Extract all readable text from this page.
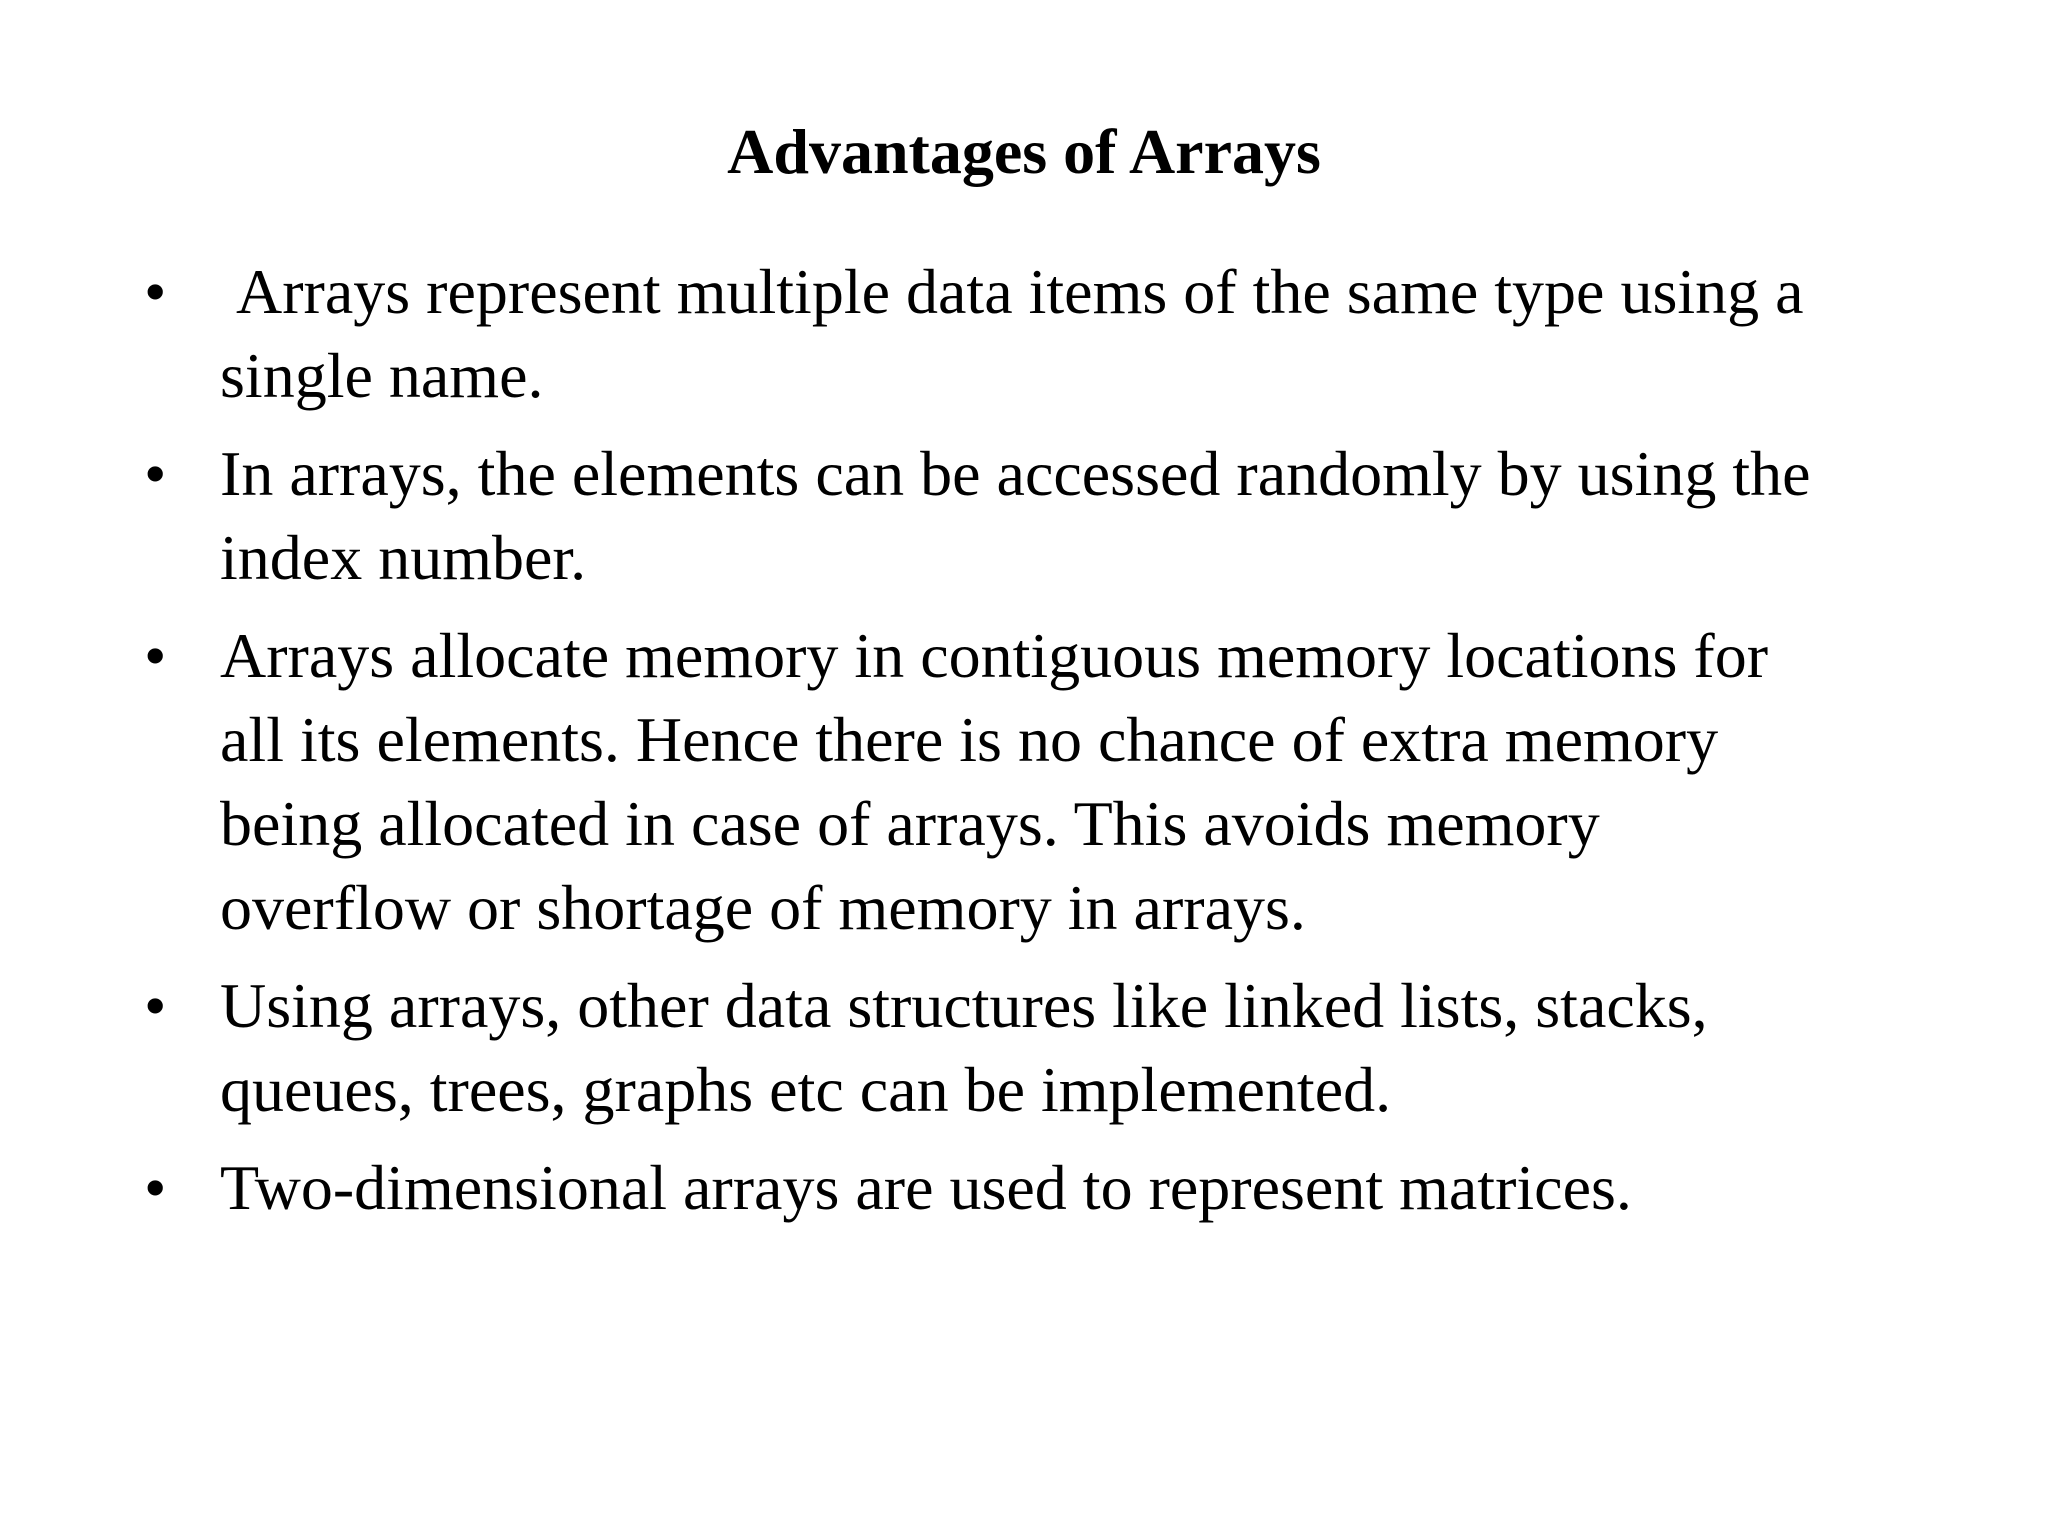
Advantages of Arrays
• Arrays represent multiple data items of the same type using a
single name.
• In arrays, the elements can be accessed randomly by using the
index number.
• Arrays allocate memory in contiguous memory locations for
all its elements. Hence there is no chance of extra memory
being allocated in case of arrays. This avoids memory
overflow or shortage of memory in arrays.
• Using arrays, other data structures like linked lists, stacks,
queues, trees, graphs etc can be implemented.
• Two-dimensional arrays are used to represent matrices.
